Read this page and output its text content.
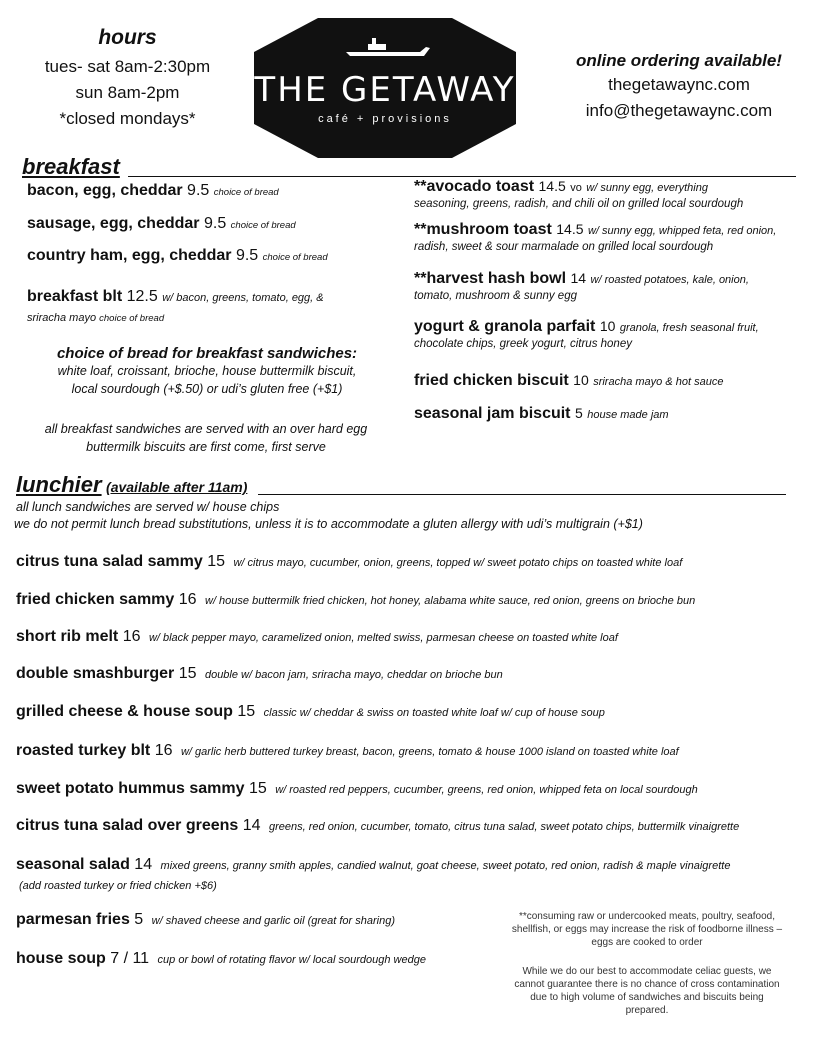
hours
tues- sat 8am-2:30pm
sun 8am-2pm
*closed mondays*
THE GETAWAY
café + provisions
online ordering available!
thegetawaync.com
info@thegetawaync.com
breakfast
bacon, egg, cheddar 9.5 choice of bread
sausage, egg, cheddar 9.5 choice of bread
country ham, egg, cheddar 9.5 choice of bread
breakfast blt 12.5 w/ bacon, greens, tomato, egg, &
sriracha mayo choice of bread
choice of bread for breakfast sandwiches:
white loaf, croissant, brioche, house buttermilk biscuit,
local sourdough (+$.50) or udi’s gluten free (+$1)
all breakfast sandwiches are served with an over hard egg
buttermilk biscuits are first come, first serve
**avocado toast 14.5 vo w/ sunny egg, everything
seasoning, greens, radish, and chili oil on grilled local sourdough
**mushroom toast 14.5 w/ sunny egg, whipped feta, red onion,
radish, sweet & sour marmalade on grilled local sourdough
**harvest hash bowl 14 w/ roasted potatoes, kale, onion,
tomato, mushroom & sunny egg
yogurt & granola parfait 10 granola, fresh seasonal fruit,
chocolate chips, greek yogurt, citrus honey
fried chicken biscuit 10 sriracha mayo & hot sauce
seasonal jam biscuit 5 house made jam
lunchier (available after 11am)
all lunch sandwiches are served w/ house chips
we do not permit lunch bread substitutions, unless it is to accommodate a gluten allergy with udi’s multigrain (+$1)
citrus tuna salad sammy 15 w/ citrus mayo, cucumber, onion, greens, topped w/ sweet potato chips on toasted white loaf
fried chicken sammy 16 w/ house buttermilk fried chicken, hot honey, alabama white sauce, red onion, greens on brioche bun
short rib melt 16 w/ black pepper mayo, caramelized onion, melted swiss, parmesan cheese on toasted white loaf
double smashburger 15 double w/ bacon jam, sriracha mayo, cheddar on brioche bun
grilled cheese & house soup 15 classic w/ cheddar & swiss on toasted white loaf w/ cup of house soup
roasted turkey blt 16 w/ garlic herb buttered turkey breast, bacon, greens, tomato & house 1000 island on toasted white loaf
sweet potato hummus sammy 15 w/ roasted red peppers, cucumber, greens, red onion, whipped feta on local sourdough
citrus tuna salad over greens 14 greens, red onion, cucumber, tomato, citrus tuna salad, sweet potato chips, buttermilk vinaigrette
seasonal salad 14 mixed greens, granny smith apples, candied walnut, goat cheese, sweet potato, red onion, radish & maple vinaigrette
(add roasted turkey or fried chicken +$6)
parmesan fries 5 w/ shaved cheese and garlic oil (great for sharing)
house soup 7 / 11 cup or bowl of rotating flavor w/ local sourdough wedge
**consuming raw or undercooked meats, poultry, seafood,
shellfish, or eggs may increase the risk of foodborne illness –
eggs are cooked to order
While we do our best to accommodate celiac guests, we
cannot guarantee there is no chance of cross contamination
due to high volume of sandwiches and biscuits being
prepared.
